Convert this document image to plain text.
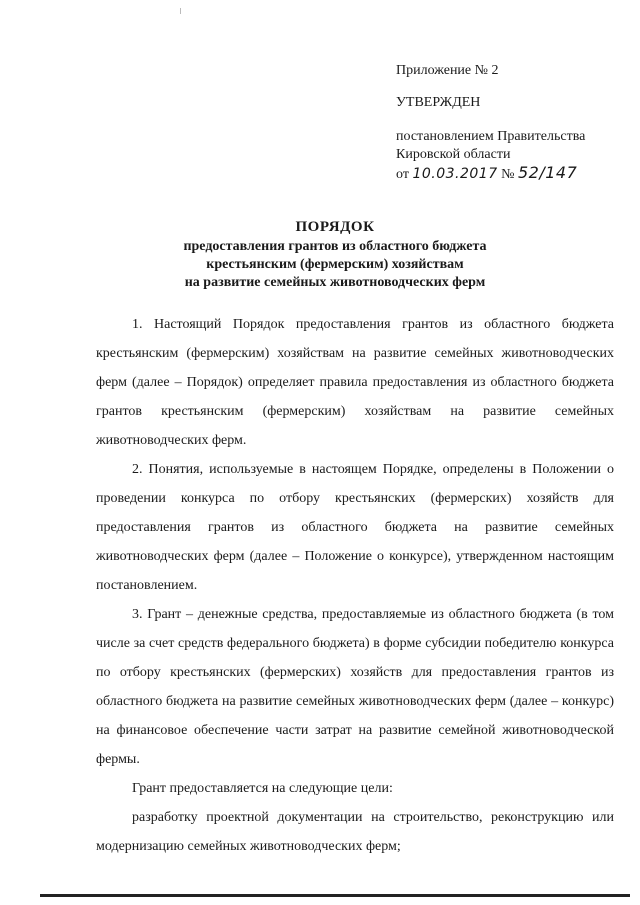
Приложение № 2
УТВЕРЖДЕН
постановлением Правительства
Кировской области
от 10.03.2017 № 52/147
ПОРЯДОК
предоставления грантов из областного бюджета
крестьянским (фермерским) хозяйствам
на развитие семейных животноводческих ферм

1. Настоящий Порядок предоставления грантов из областного бюджета крестьянским (фермерским) хозяйствам на развитие семейных животноводческих ферм (далее – Порядок) определяет правила предоставления из областного бюджета грантов крестьянским (фермерским) хозяйствам на развитие семейных животноводческих ферм.

2. Понятия, используемые в настоящем Порядке, определены в Положении о проведении конкурса по отбору крестьянских (фермерских) хозяйств для предоставления грантов из областного бюджета на развитие семейных животноводческих ферм (далее – Положение о конкурсе), утвержденном настоящим постановлением.

3. Грант – денежные средства, предоставляемые из областного бюджета (в том числе за счет средств федерального бюджета) в форме субсидии победителю конкурса по отбору крестьянских (фермерских) хозяйств для предоставления грантов из областного бюджета на развитие семейных животноводческих ферм (далее – конкурс) на финансовое обеспечение части затрат на развитие семейной животноводческой фермы.

Грант предоставляется на следующие цели:

разработку проектной документации на строительство, реконструкцию или модернизацию семейных животноводческих ферм;
